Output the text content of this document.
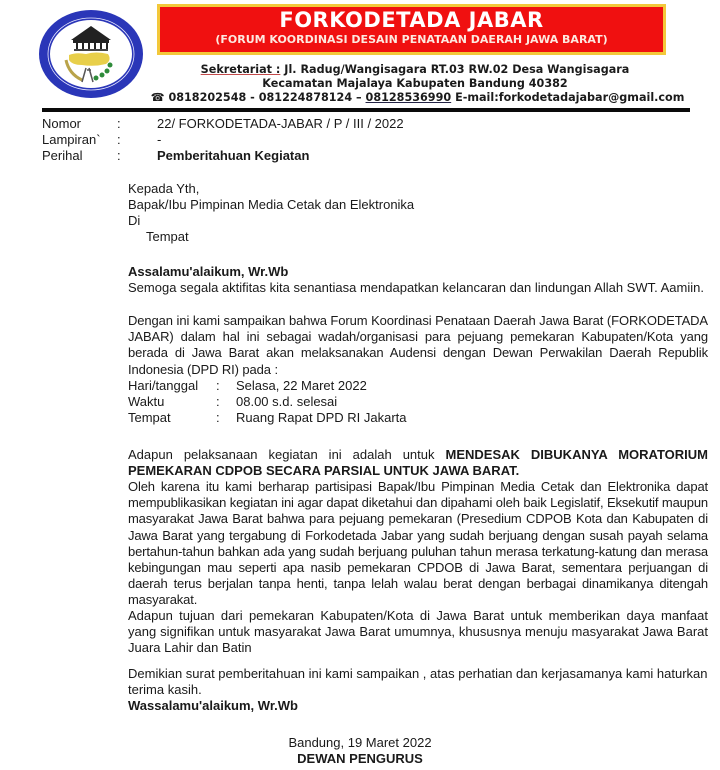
FORKODETADA JABAR
(FORUM KOORDINASI DESAIN PENATAAN DAERAH JAWA BARAT)
Sekretariat : Jl. Radug/Wangisagara RT.03 RW.02 Desa Wangisagara
Kecamatan Majalaya Kabupaten Bandung 40382
☎ 0818202548 - 081224878124 – 08128536990 E-mail:forkodetadajabar@gmail.com
Nomor	:	22/ FORKODETADA-JABAR / P / III / 2022
Lampiran` :	-
Perihal	:	Pemberitahuan Kegiatan
Kepada Yth,
Bapak/Ibu Pimpinan Media Cetak dan Elektronika
Di
Tempat
Assalamu'alaikum, Wr.Wb
Semoga segala aktifitas kita senantiasa mendapatkan kelancaran dan lindungan Allah SWT. Aamiin.
Dengan ini kami sampaikan bahwa Forum Koordinasi Penataan Daerah Jawa Barat (FORKODETADA JABAR) dalam hal ini sebagai wadah/organisasi para pejuang pemekaran Kabupaten/Kota yang berada di Jawa Barat akan melaksanakan Audensi dengan Dewan Perwakilan Daerah Republik Indonesia (DPD RI) pada :
Hari/tanggal : Selasa, 22 Maret 2022
Waktu	: 08.00 s.d. selesai
Tempat	: Ruang Rapat DPD RI Jakarta
Adapun pelaksanaan kegiatan ini adalah untuk MENDESAK DIBUKANYA MORATORIUM PEMEKARAN CDPOB SECARA PARSIAL UNTUK JAWA BARAT.
Oleh karena itu kami berharap partisipasi Bapak/Ibu Pimpinan Media Cetak dan Elektronika dapat mempublikasikan kegiatan ini agar dapat diketahui dan dipahami oleh baik Legislatif, Eksekutif maupun masyarakat Jawa Barat bahwa para pejuang pemekaran (Presedium CDPOB Kota dan Kabupaten di Jawa Barat yang tergabung di Forkodetada Jabar yang sudah berjuang dengan susah payah selama bertahun-tahun bahkan ada yang sudah berjuang puluhan tahun merasa terkatung-katung dan merasa kebingungan mau seperti apa nasib pemekaran CPDOB di Jawa Barat, sementara perjuangan di daerah terus berjalan tanpa henti, tanpa lelah walau berat dengan berbagai dinamikanya ditengah masyarakat.
Adapun tujuan dari pemekaran Kabupaten/Kota di Jawa Barat untuk memberikan daya manfaat yang signifikan untuk masyarakat Jawa Barat umumnya, khususnya menuju masyarakat Jawa Barat Juara Lahir dan Batin
Demikian surat pemberitahuan ini kami sampaikan , atas perhatian dan kerjasamanya kami haturkan terima kasih.
Wassalamu'alaikum, Wr.Wb
Bandung, 19 Maret 2022
DEWAN PENGURUS
